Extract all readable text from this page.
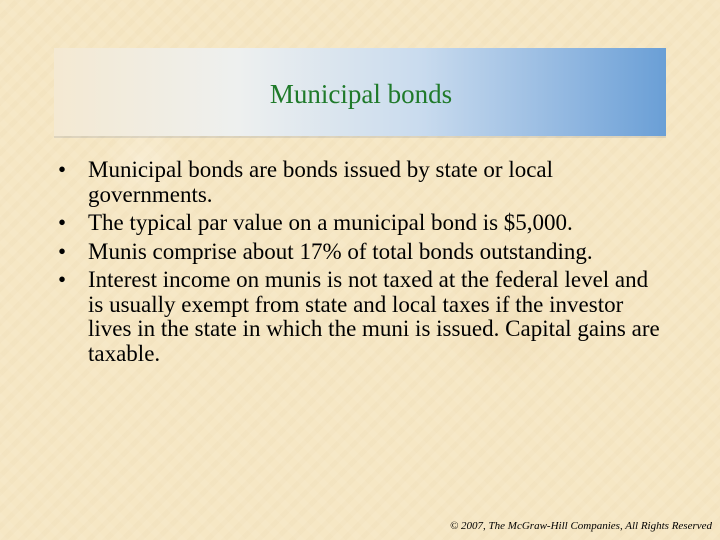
Municipal bonds
• Municipal bonds are bonds issued by state or local governments.
• The typical par value on a municipal bond is $5,000.
• Munis comprise about 17% of total bonds outstanding.
• Interest income on munis is not taxed at the federal level and is usually exempt from state and local taxes if the investor lives in the state in which the muni is issued. Capital gains are taxable.
© 2007, The McGraw-Hill Companies, All Rights Reserved
